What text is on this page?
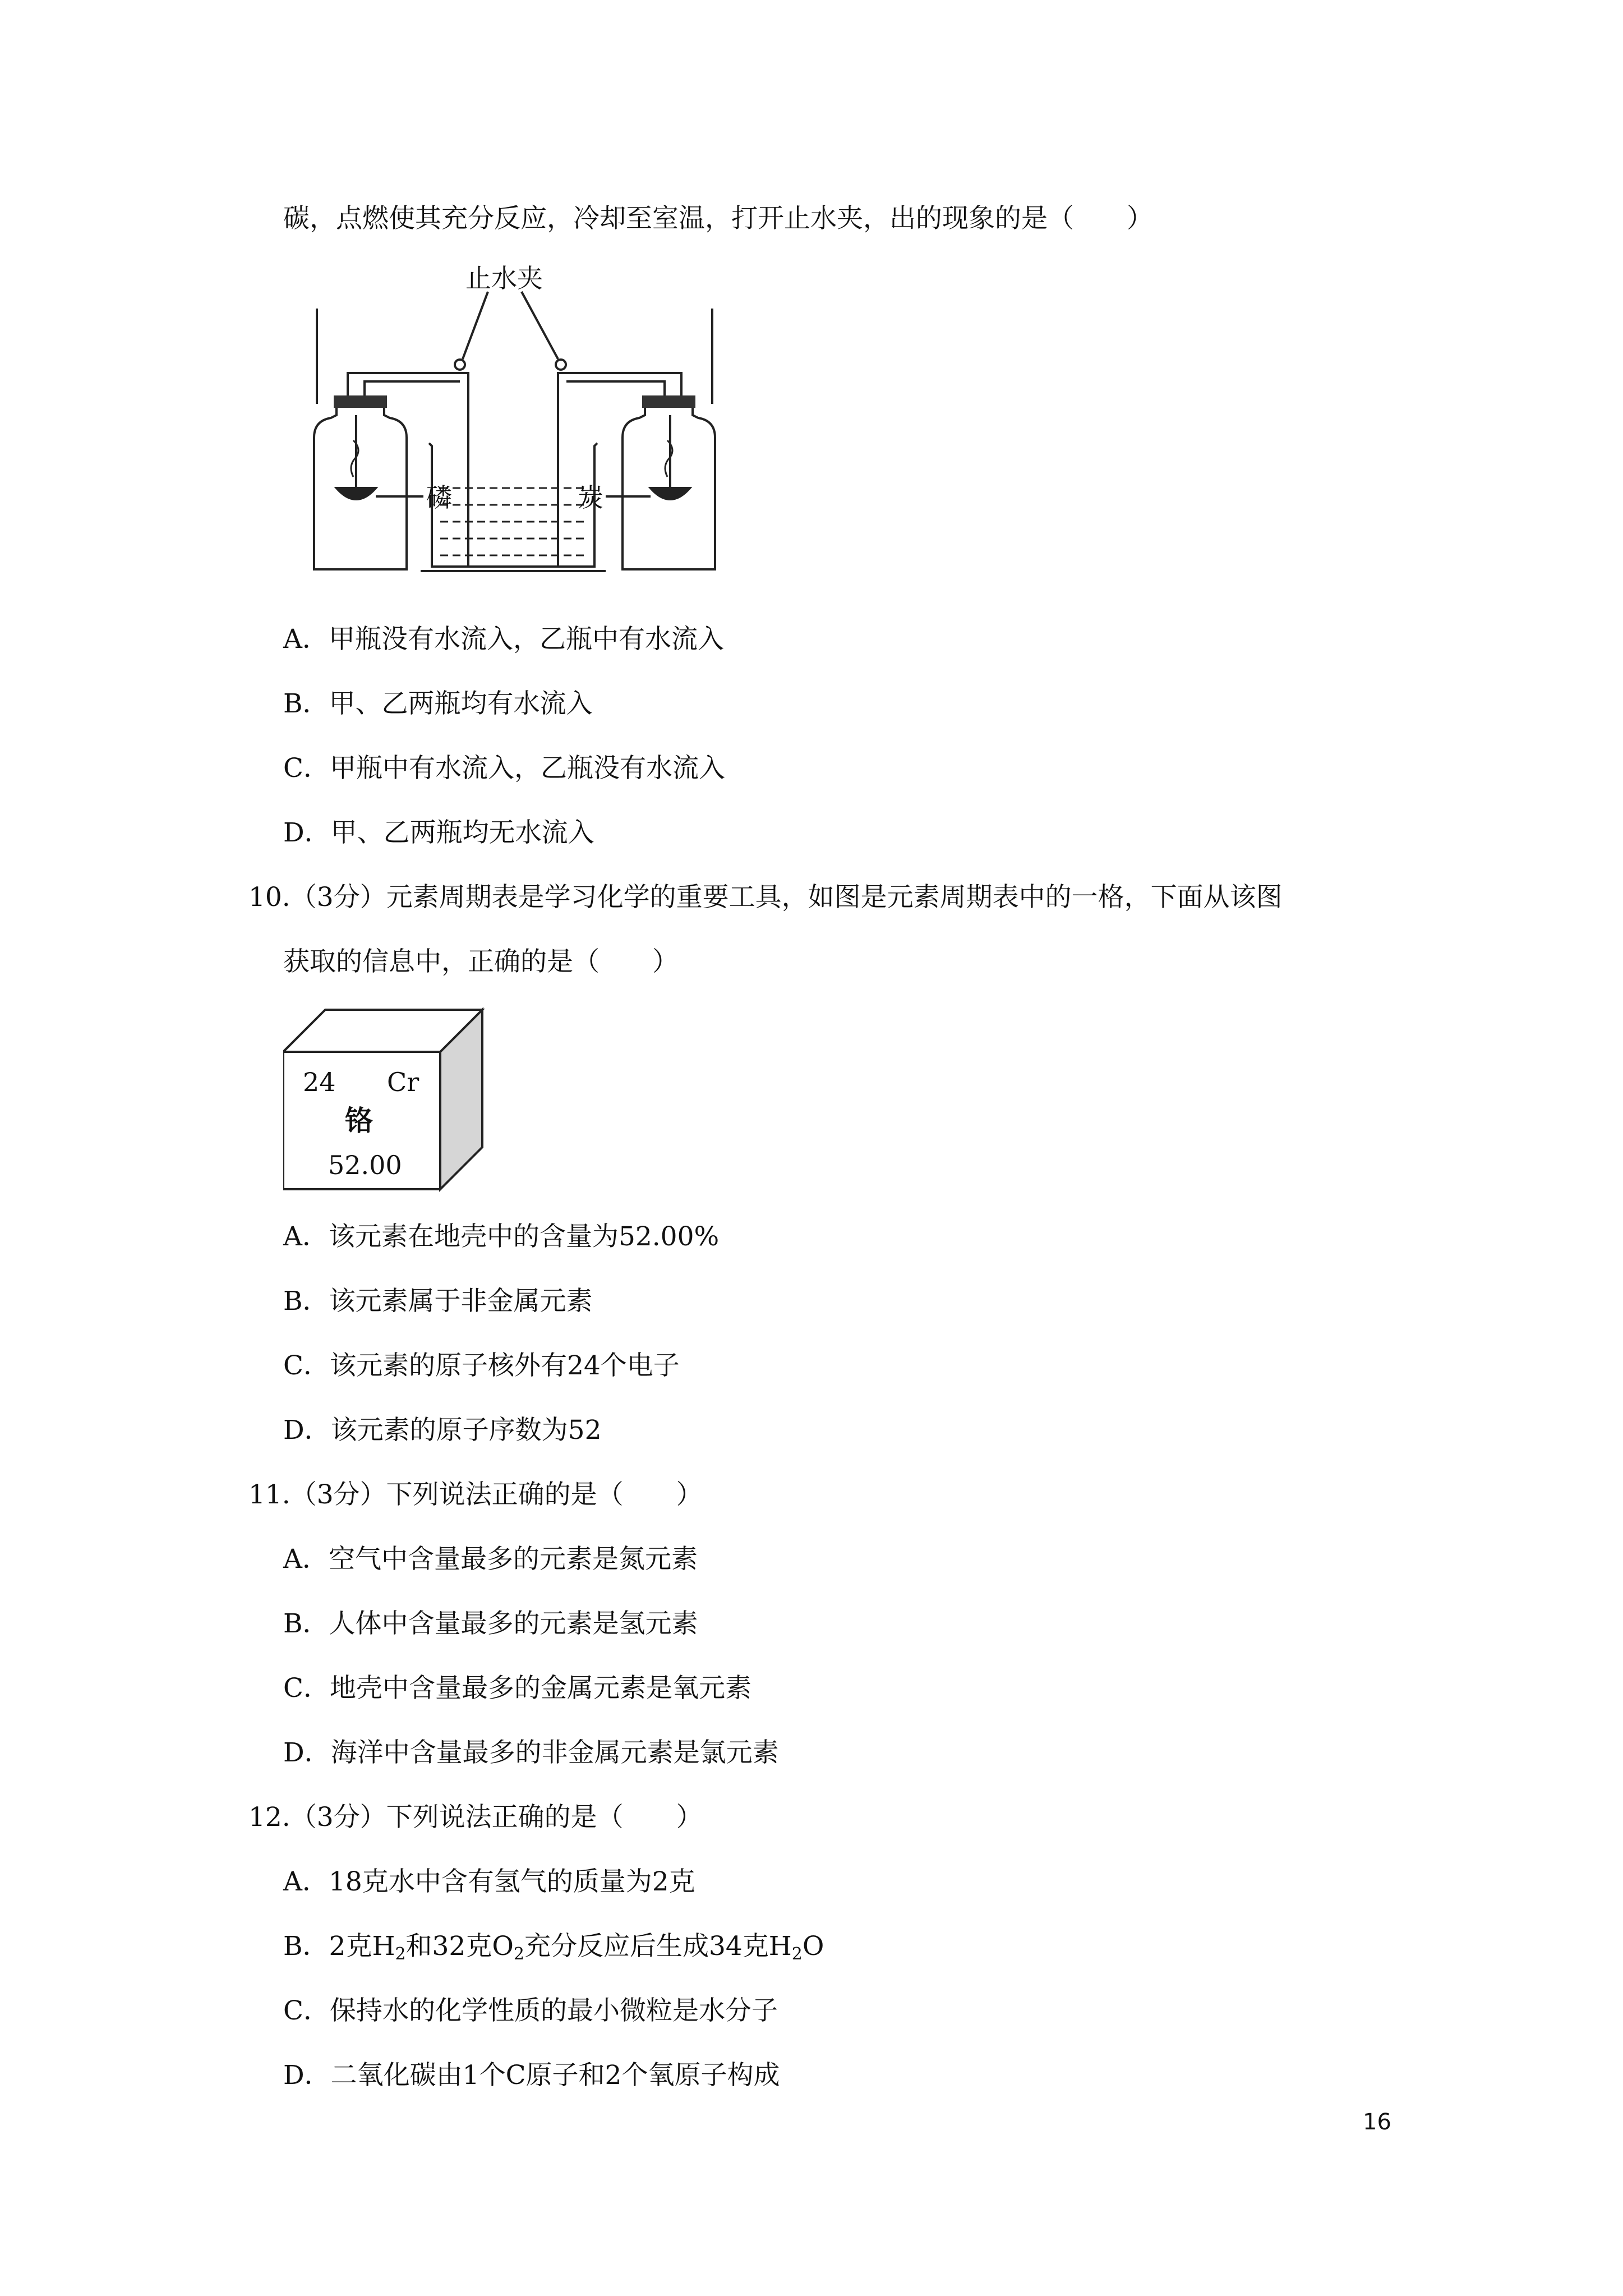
碳，点燃使其充分反应，冷却至室温，打开止水夹，出的现象的是（　　）
止水夹
磷	炭
A．甲瓶没有水流入，乙瓶中有水流入
B．甲、乙两瓶均有水流入
C．甲瓶中有水流入，乙瓶没有水流入
D．甲、乙两瓶均无水流入
10.（3分）元素周期表是学习化学的重要工具，如图是元素周期表中的一格，下面从该图
获取的信息中，正确的是（　　）
24 Cr
铬
52.00
A．该元素在地壳中的含量为52.00%
B．该元素属于非金属元素
C．该元素的原子核外有24个电子
D．该元素的原子序数为52
11.（3分）下列说法正确的是（　　）
A．空气中含量最多的元素是氮元素
B．人体中含量最多的元素是氢元素
C．地壳中含量最多的金属元素是氧元素
D．海洋中含量最多的非金属元素是氯元素
12.（3分）下列说法正确的是（　　）
A．18克水中含有氢气的质量为2克
B．2克$H_2$和32克$O_2$充分反应后生成34克$H_2O$
C．保持水的化学性质的最小微粒是水分子
D．二氧化碳由1个C原子和2个氧原子构成
16
